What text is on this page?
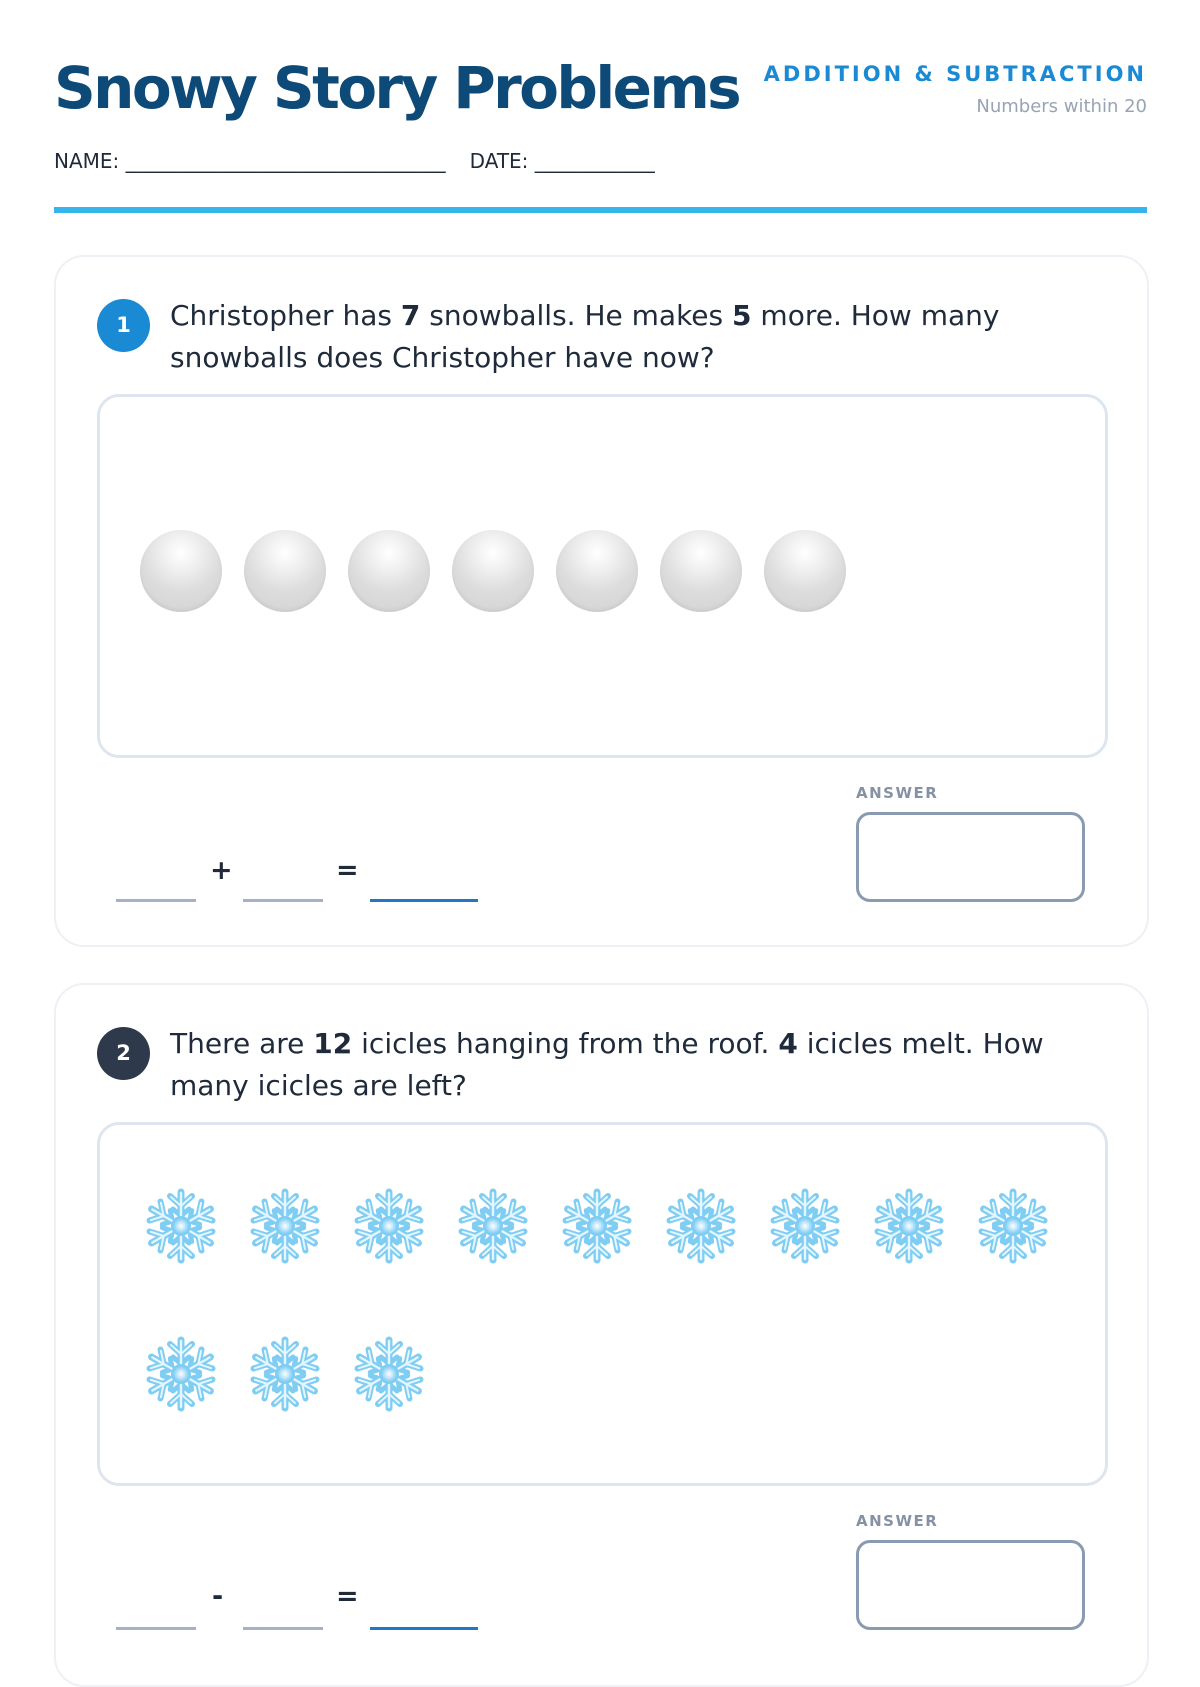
Snowy Story Problems ADDITION & SUBTRACTION
Numbers within 20
NAME: ________________________________ DATE: ____________
1	Christopher has 7 snowballs. He makes 5 more. How many snowballs does Christopher have now?

ANSWER
+	=
2	There are 12 icicles hanging from the roof. 4 icicles melt. How many icicles are left?

ANSWER
-	=
